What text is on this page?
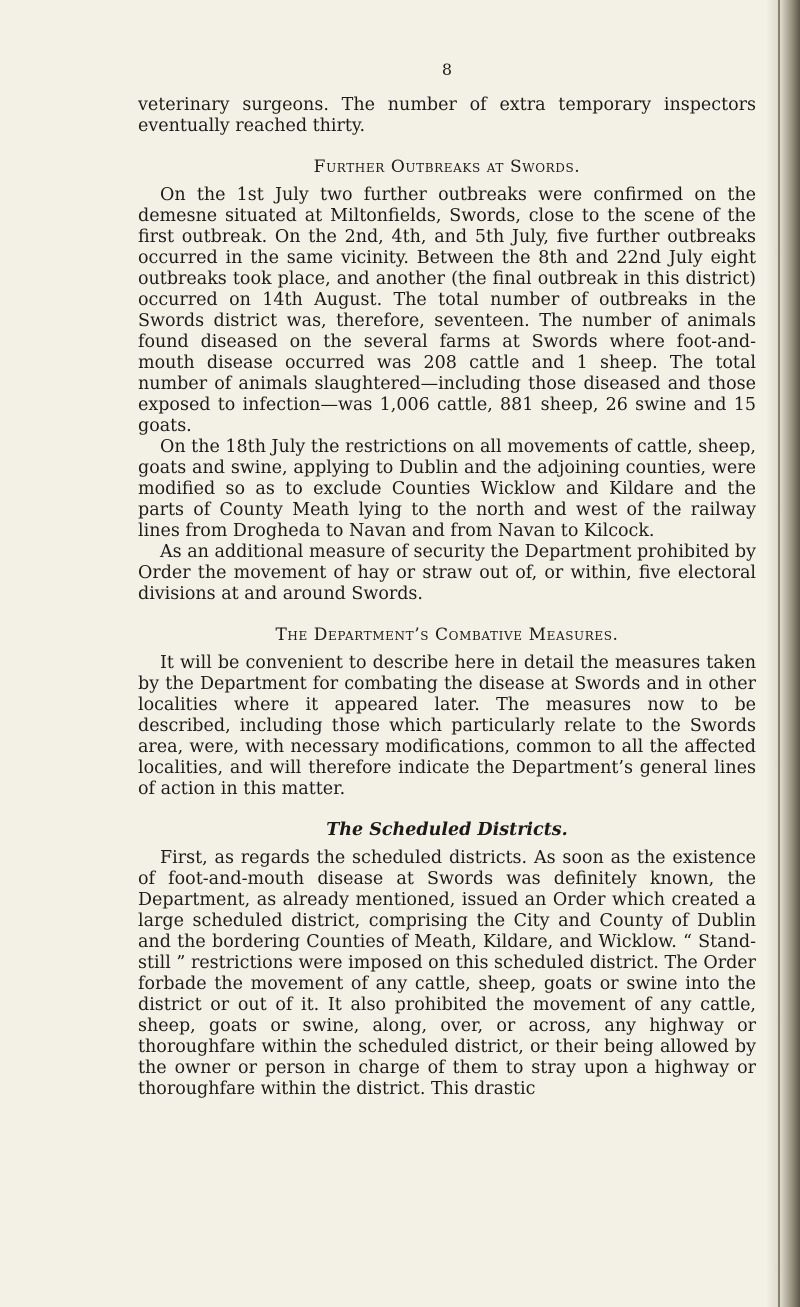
8

veterinary surgeons. The number of extra temporary inspectors eventually reached thirty.

Further Outbreaks at Swords.

On the 1st July two further outbreaks were confirmed on the demesne situated at Miltonfields, Swords, close to the scene of the first outbreak. On the 2nd, 4th, and 5th July, five further outbreaks occurred in the same vicinity. Between the 8th and 22nd July eight outbreaks took place, and another (the final outbreak in this district) occurred on 14th August. The total number of outbreaks in the Swords district was, therefore, seventeen. The number of animals found diseased on the several farms at Swords where foot-and-mouth disease occurred was 208 cattle and 1 sheep. The total number of animals slaughtered—including those diseased and those exposed to infection—was 1,006 cattle, 881 sheep, 26 swine and 15 goats.

On the 18th July the restrictions on all movements of cattle, sheep, goats and swine, applying to Dublin and the adjoining counties, were modified so as to exclude Counties Wicklow and Kildare and the parts of County Meath lying to the north and west of the railway lines from Drogheda to Navan and from Navan to Kilcock.

As an additional measure of security the Department prohibited by Order the movement of hay or straw out of, or within, five electoral divisions at and around Swords.

The Department’s Combative Measures.

It will be convenient to describe here in detail the measures taken by the Department for combating the disease at Swords and in other localities where it appeared later. The measures now to be described, including those which particularly relate to the Swords area, were, with necessary modifications, common to all the affected localities, and will therefore indicate the Department’s general lines of action in this matter.

The Scheduled Districts.

First, as regards the scheduled districts. As soon as the existence of foot-and-mouth disease at Swords was definitely known, the Department, as already mentioned, issued an Order which created a large scheduled district, comprising the City and County of Dublin and the bordering Counties of Meath, Kildare, and Wicklow. “ Stand-still ” restrictions were imposed on this scheduled district. The Order forbade the movement of any cattle, sheep, goats or swine into the district or out of it. It also prohibited the movement of any cattle, sheep, goats or swine, along, over, or across, any highway or thoroughfare within the scheduled district, or their being allowed by the owner or person in charge of them to stray upon a highway or thoroughfare within the district. This drastic
